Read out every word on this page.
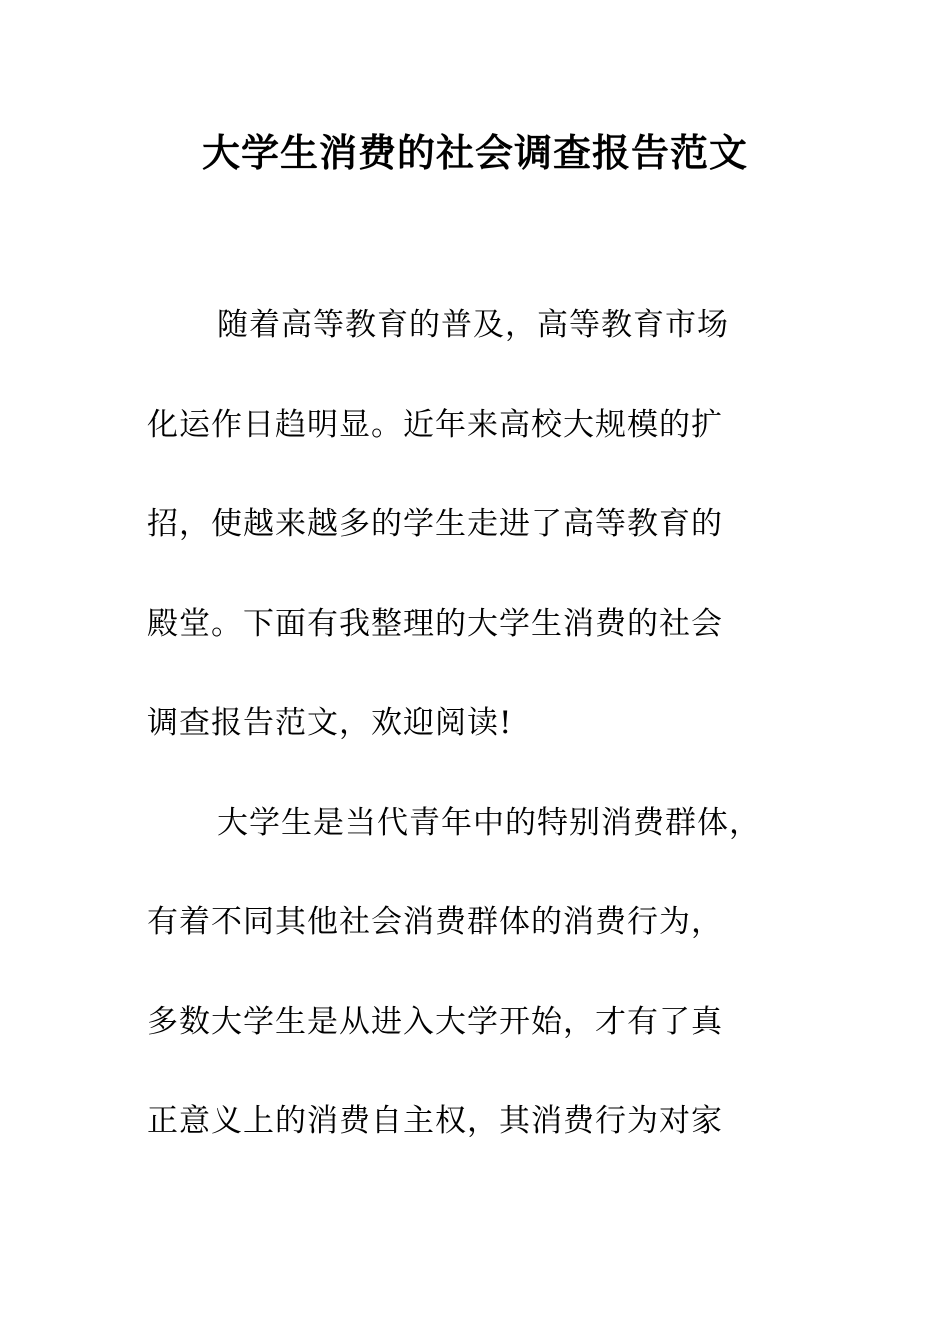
大学生消费的社会调查报告范文
随着高等教育的普及，高等教育市场
化运作日趋明显。近年来高校大规模的扩
招，使越来越多的学生走进了高等教育的
殿堂。下面有我整理的大学生消费的社会
调查报告范文，欢迎阅读!
大学生是当代青年中的特别消费群体，
有着不同其他社会消费群体的消费行为，
多数大学生是从进入大学开始，才有了真
正意义上的消费自主权，其消费行为对家
